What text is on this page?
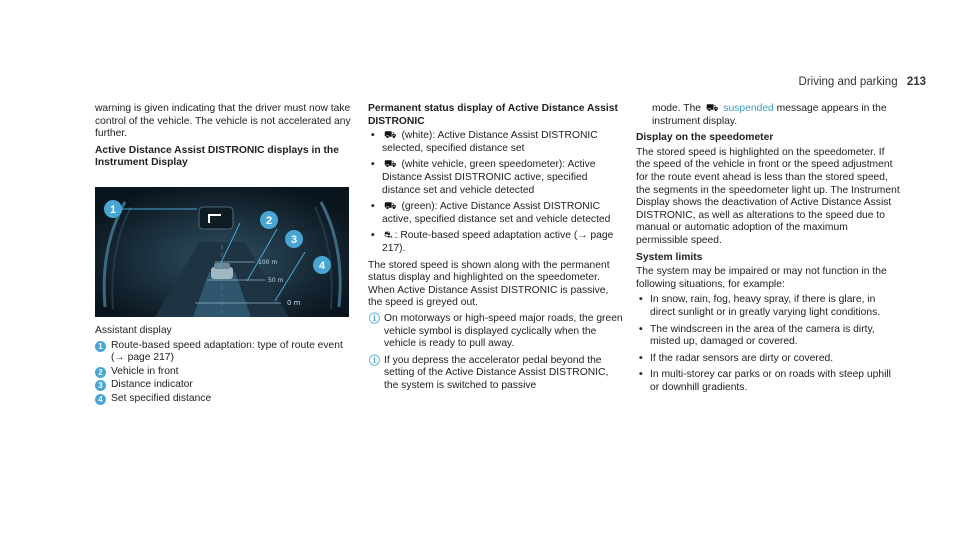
Driving and parking 213

warning is given indicating that the driver must now take control of the vehicle. The vehicle is not accelerated any further.

Active Distance Assist DISTRONIC displays in the Instrument Display
100 m
50 m
0 m
1
2
3
4
Assistant display
1 Route-based speed adaptation: type of route event (→ page 217)
2 Vehicle in front
3 Distance indicator
4 Set specified distance
Permanent status display of Active Distance Assist DISTRONIC
• ⛟ (white): Active Distance Assist DISTRONIC selected, specified distance set
• ⛟ (white vehicle, green speedometer): Active Distance Assist DISTRONIC active, specified distance set and vehicle detected
• ⛟ (green): Active Distance Assist DISTRONIC active, specified distance set and vehicle detected
• ⛐ : Route-based speed adaptation active (→ page 217).

The stored speed is shown along with the permanent status display and highlighted on the speedometer. When Active Distance Assist DISTRONIC is passive, the speed is greyed out.

ⓘ On motorways or high-speed major roads, the green vehicle symbol is displayed cyclically when the vehicle is ready to pull away.
ⓘ If you depress the accelerator pedal beyond the setting of the Active Distance Assist DISTRONIC, the system is switched to passive

mode. The ⛟ suspended message appears in the instrument display.

Display on the speedometer

The stored speed is highlighted on the speedometer. If the speed of the vehicle in front or the speed adjustment for the route event ahead is less than the stored speed, the segments in the speedometer light up. The Instrument Display shows the deactivation of Active Distance Assist DISTRONIC, as well as alterations to the speed due to manual or automatic adoption of the maximum permissible speed.

System limits

The system may be impaired or may not function in the following situations, for example:

• In snow, rain, fog, heavy spray, if there is glare, in direct sunlight or in greatly varying light conditions.
• The windscreen in the area of the camera is dirty, misted up, damaged or covered.
• If the radar sensors are dirty or covered.
• In multi-storey car parks or on roads with steep uphill or downhill gradients.
